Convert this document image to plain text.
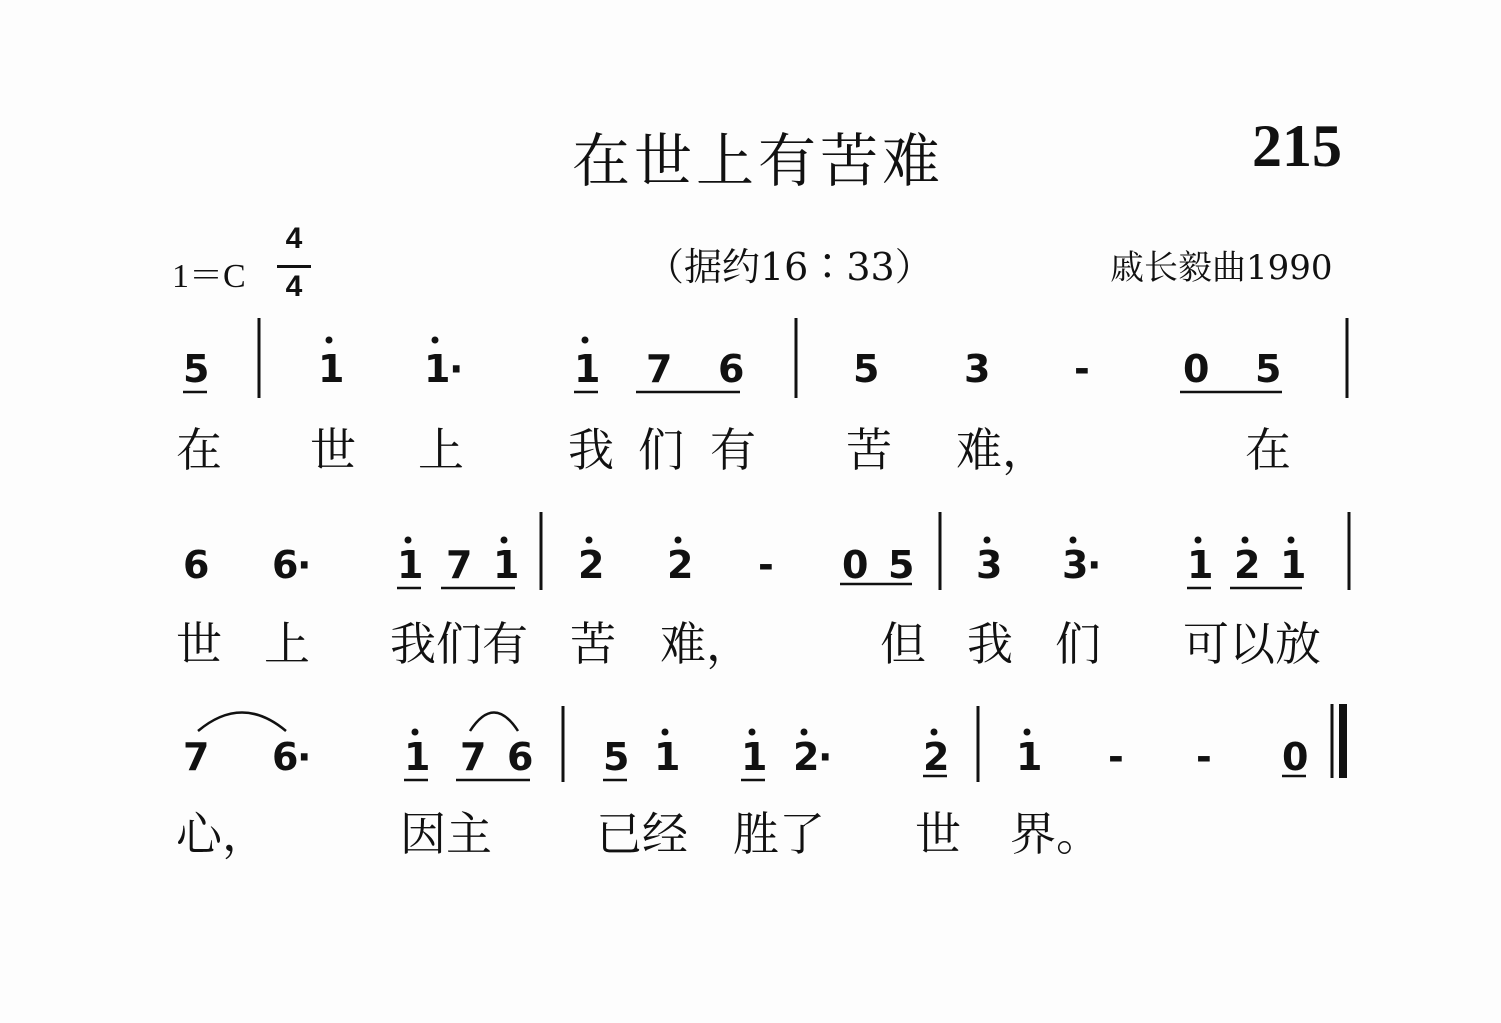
在世上有苦难	215
1＝C
4
4	（据约16∶33）	戚长毅曲1990
5	1 1
·	1 7 6	5 3 - 0 5
在 世 上 我 们 有 苦 难，	在
6 6
· 1 7 1 2 2 - 0 5 3 3
· 1 2 1
世 上 我们有 苦 难，	但 我 们 可以放
7 6
· 1 7 6 5 1 1 2
· 2 1 - - 0
心，	因主 已经 胜了 世 界。
